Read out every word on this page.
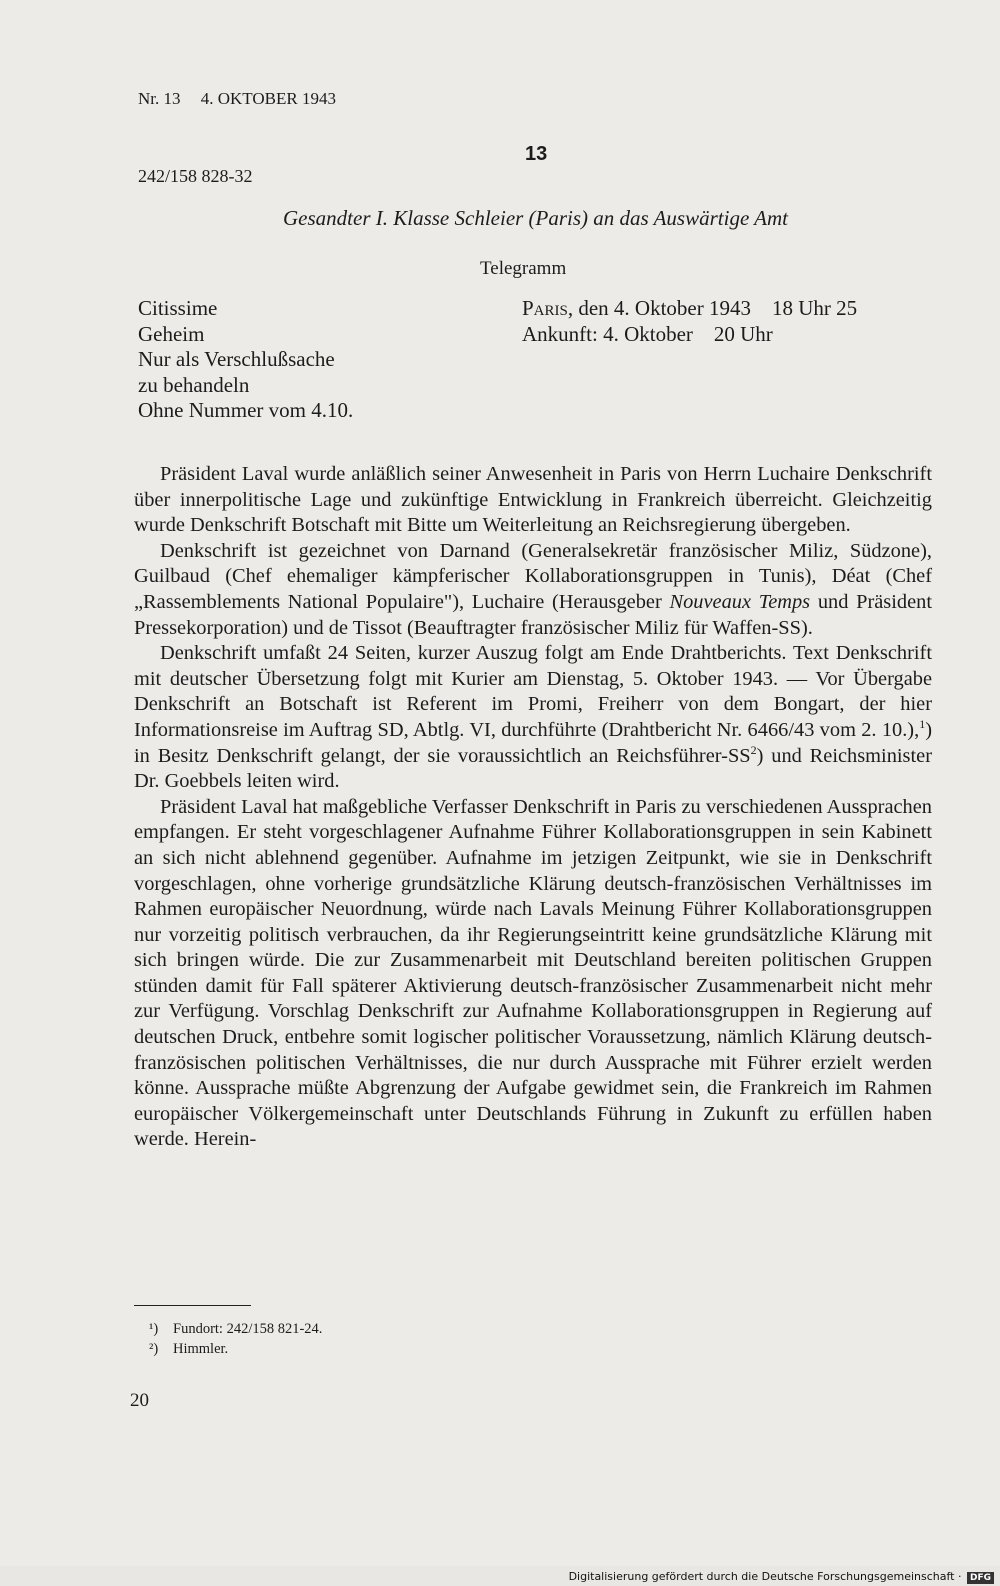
Nr. 13 4. OKTOBER 1943
13
242/158 828-32
Gesandter I. Klasse Schleier (Paris) an das Auswärtige Amt
Telegramm
Citissime
Geheim
Nur als Verschlußsache
zu behandeln
Ohne Nummer vom 4.10.
Paris, den 4. Oktober 1943    18 Uhr 25
Ankunft: 4. Oktober    20 Uhr

Präsident Laval wurde anläßlich seiner Anwesenheit in Paris von Herrn Luchaire Denkschrift über innerpolitische Lage und zukünftige Entwicklung in Frankreich überreicht. Gleichzeitig wurde Denkschrift Botschaft mit Bitte um Weiterleitung an Reichsregierung übergeben.

Denkschrift ist gezeichnet von Darnand (Generalsekretär französischer Miliz, Südzone), Guilbaud (Chef ehemaliger kämpferischer Kollaborationsgruppen in Tunis), Déat (Chef „Rassemblements National Populaire"), Luchaire (Herausgeber Nouveaux Temps und Präsident Pressekorporation) und de Tissot (Beauftragter französischer Miliz für Waffen-SS).

Denkschrift umfaßt 24 Seiten, kurzer Auszug folgt am Ende Drahtberichts. Text Denkschrift mit deutscher Übersetzung folgt mit Kurier am Dienstag, 5. Oktober 1943. — Vor Übergabe Denkschrift an Botschaft ist Referent im Promi, Freiherr von dem Bongart, der hier Informationsreise im Auftrag SD, Abtlg. VI, durchführte (Drahtbericht Nr. 6466/43 vom 2. 10.),$^1$) in Besitz Denkschrift gelangt, der sie voraussichtlich an Reichsführer-$SS^2$) und Reichsminister Dr. Goebbels leiten wird.

Präsident Laval hat maßgebliche Verfasser Denkschrift in Paris zu verschiedenen Aussprachen empfangen. Er steht vorgeschlagener Aufnahme Führer Kollaborationsgruppen in sein Kabinett an sich nicht ablehnend gegenüber. Aufnahme im jetzigen Zeitpunkt, wie sie in Denkschrift vorgeschlagen, ohne vorherige grundsätzliche Klärung deutsch-französischen Verhältnisses im Rahmen europäischer Neuordnung, würde nach Lavals Meinung Führer Kollaborationsgruppen nur vorzeitig politisch verbrauchen, da ihr Regierungseintritt keine grundsätzliche Klärung mit sich bringen würde. Die zur Zusammenarbeit mit Deutschland bereiten politischen Gruppen stünden damit für Fall späterer Aktivierung deutsch-französischer Zusammenarbeit nicht mehr zur Verfügung. Vorschlag Denkschrift zur Aufnahme Kollaborationsgruppen in Regierung auf deutschen Druck, entbehre somit logischer politischer Voraussetzung, nämlich Klärung deutsch-französischen politischen Verhältnisses, die nur durch Aussprache mit Führer erzielt werden könne. Aussprache müßte Abgrenzung der Aufgabe gewidmet sein, die Frankreich im Rahmen europäischer Völkergemeinschaft unter Deutschlands Führung in Zukunft zu erfüllen haben werde. Herein-

¹) Fundort: 242/158 821-24.
²) Himmler.
20
Digitalisierung gefördert durch die Deutsche Forschungsgemeinschaft · DFG
